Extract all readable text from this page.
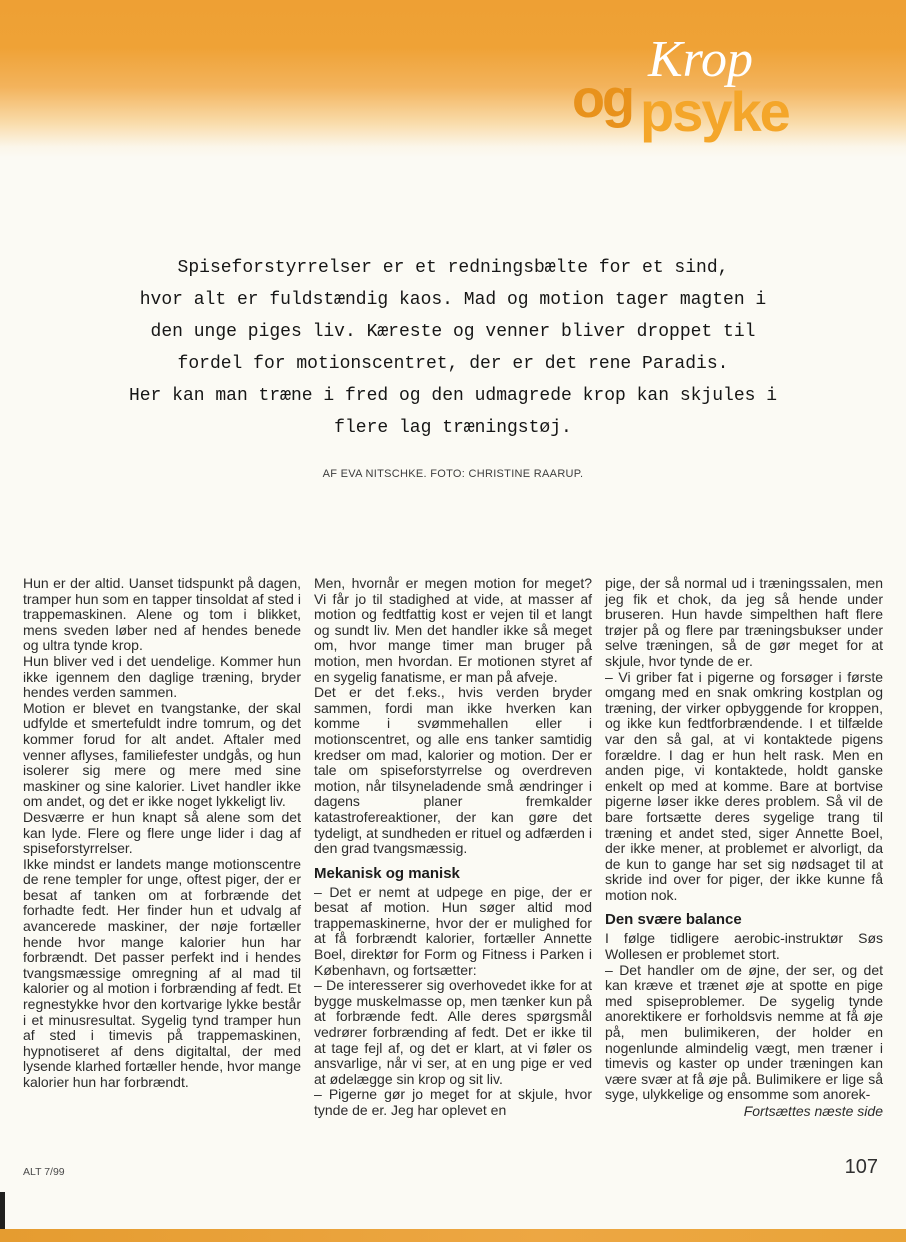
Krop
og psyke
Spiseforstyrrelser er et redningsbælte for et sind,
hvor alt er fuldstændig kaos. Mad og motion tager magten i
den unge piges liv. Kæreste og venner bliver droppet til
fordel for motionscentret, der er det rene Paradis.
Her kan man træne i fred og den udmagrede krop kan skjules i
flere lag træningstøj.
AF EVA NITSCHKE. FOTO: CHRISTINE RAARUP.

Hun er der altid. Uanset tidspunkt på dagen, tramper hun som en tapper tinsoldat af sted i trappemaskinen. Alene og tom i blikket, mens sveden løber ned af hendes benede og ultra tynde krop.

Hun bliver ved i det uendelige. Kommer hun ikke igennem den daglige træning, bryder hendes verden sammen.

Motion er blevet en tvangstanke, der skal udfylde et smertefuldt indre tomrum, og det kommer forud for alt andet. Aftaler med venner aflyses, familiefester undgås, og hun isolerer sig mere og mere med sine maskiner og sine kalorier. Livet handler ikke om andet, og det er ikke noget lykkeligt liv.

Desværre er hun knapt så alene som det kan lyde. Flere og flere unge lider i dag af spiseforstyrrelser.

Ikke mindst er landets mange motionscentre de rene templer for unge, oftest piger, der er besat af tanken om at forbrænde det forhadte fedt. Her finder hun et udvalg af avancerede maskiner, der nøje fortæller hende hvor mange kalorier hun har forbrændt. Det passer perfekt ind i hendes tvangsmæssige omregning af al mad til kalorier og al motion i forbrænding af fedt. Et regnestykke hvor den kortvarige lykke består i et minusresultat. Sygelig tynd tramper hun af sted i timevis på trappemaskinen, hypnotiseret af dens digitaltal, der med lysende klarhed fortæller hende, hvor mange kalorier hun har forbrændt.

Men, hvornår er megen motion for meget? Vi får jo til stadighed at vide, at masser af motion og fedtfattig kost er vejen til et langt og sundt liv. Men det handler ikke så meget om, hvor mange timer man bruger på motion, men hvordan. Er motionen styret af en sygelig fanatisme, er man på afveje.

Det er det f.eks., hvis verden bryder sammen, fordi man ikke hverken kan komme i svømmehallen eller i motionscentret, og alle ens tanker samtidig kredser om mad, kalorier og motion. Der er tale om spiseforstyrrelse og overdreven motion, når tilsyneladende små ændringer i dagens planer fremkalder katastrofereaktioner, der kan gøre det tydeligt, at sundheden er rituel og adfærden i den grad tvangsmæssig.

Mekanisk og manisk

– Det er nemt at udpege en pige, der er besat af motion. Hun søger altid mod trappemaskinerne, hvor der er mulighed for at få forbrændt kalorier, fortæller Annette Boel, direktør for Form og Fitness i Parken i København, og fortsætter:

– De interesserer sig overhovedet ikke for at bygge muskelmasse op, men tænker kun på at forbrænde fedt. Alle deres spørgsmål vedrører forbrænding af fedt. Det er ikke til at tage fejl af, og det er klart, at vi føler os ansvarlige, når vi ser, at en ung pige er ved at ødelægge sin krop og sit liv.

– Pigerne gør jo meget for at skjule, hvor tynde de er. Jeg har oplevet en

pige, der så normal ud i træningssalen, men jeg fik et chok, da jeg så hende under bruseren. Hun havde simpelthen haft flere trøjer på og flere par træningsbukser under selve træningen, så de gør meget for at skjule, hvor tynde de er.

– Vi griber fat i pigerne og forsøger i første omgang med en snak omkring kostplan og træning, der virker opbyggende for kroppen, og ikke kun fedtforbrændende. I et tilfælde var den så gal, at vi kontaktede pigens forældre. I dag er hun helt rask. Men en anden pige, vi kontaktede, holdt ganske enkelt op med at komme. Bare at bortvise pigerne løser ikke deres problem. Så vil de bare fortsætte deres sygelige trang til træning et andet sted, siger Annette Boel, der ikke mener, at problemet er alvorligt, da de kun to gange har set sig nødsaget til at skride ind over for piger, der ikke kunne få motion nok.

Den svære balance

I følge tidligere aerobic-instruktør Søs Wollesen er problemet stort.

– Det handler om de øjne, der ser, og det kan kræve et trænet øje at spotte en pige med spiseproblemer. De sygelig tynde anorektikere er forholdsvis nemme at få øje på, men bulimikeren, der holder en nogenlunde almindelig vægt, men træner i timevis og kaster op under træningen kan være svær at få øje på. Bulimikere er lige så syge, ulykkelige og ensomme som anorek-

Fortsættes næste side

ALT 7/99	107
